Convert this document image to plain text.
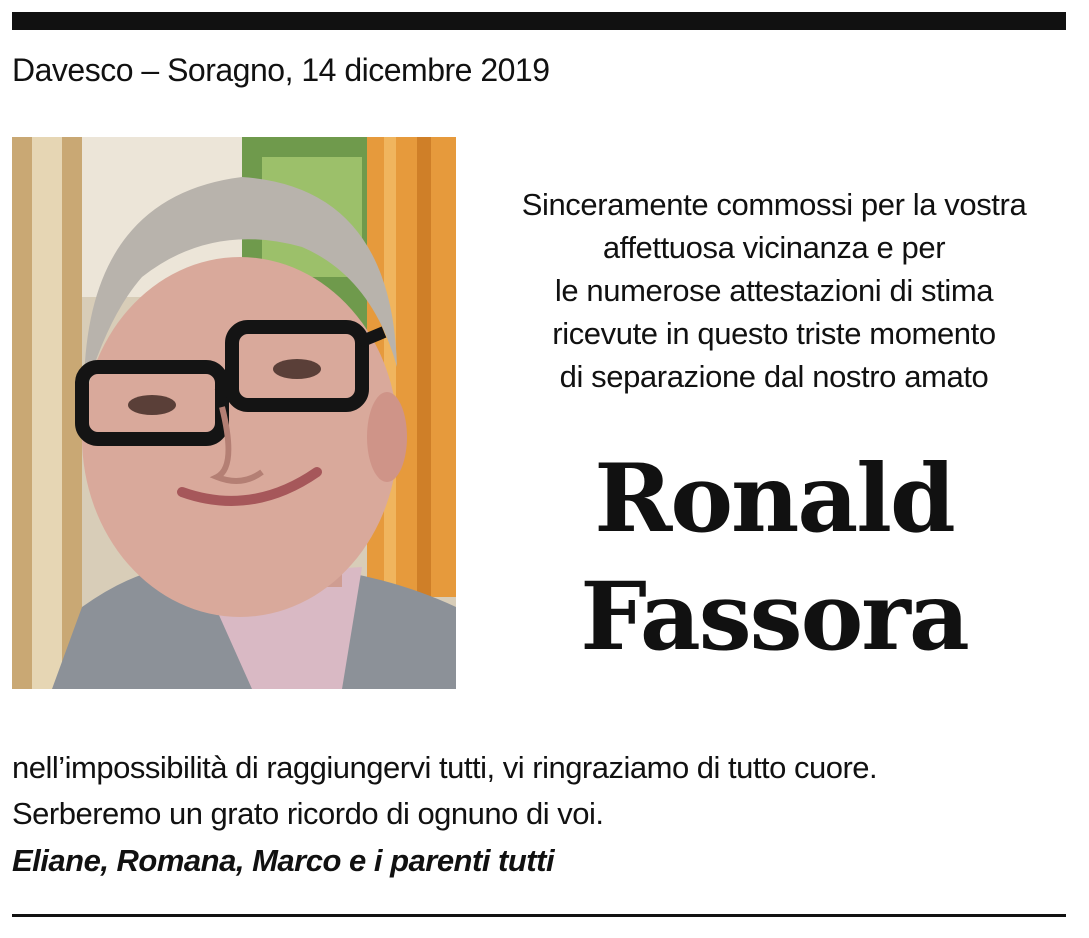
Davesco – Soragno, 14 dicembre 2019
Sinceramente commossi per la vostra
affettuosa vicinanza e per
le numerose attestazioni di stima
ricevute in questo triste momento
di separazione dal nostro amato
Ronald
Fassora
nell’impossibilità di raggiungervi tutti, vi ringraziamo di tutto cuore.
Serberemo un grato ricordo di ognuno di voi.
Eliane, Romana, Marco e i parenti tutti
